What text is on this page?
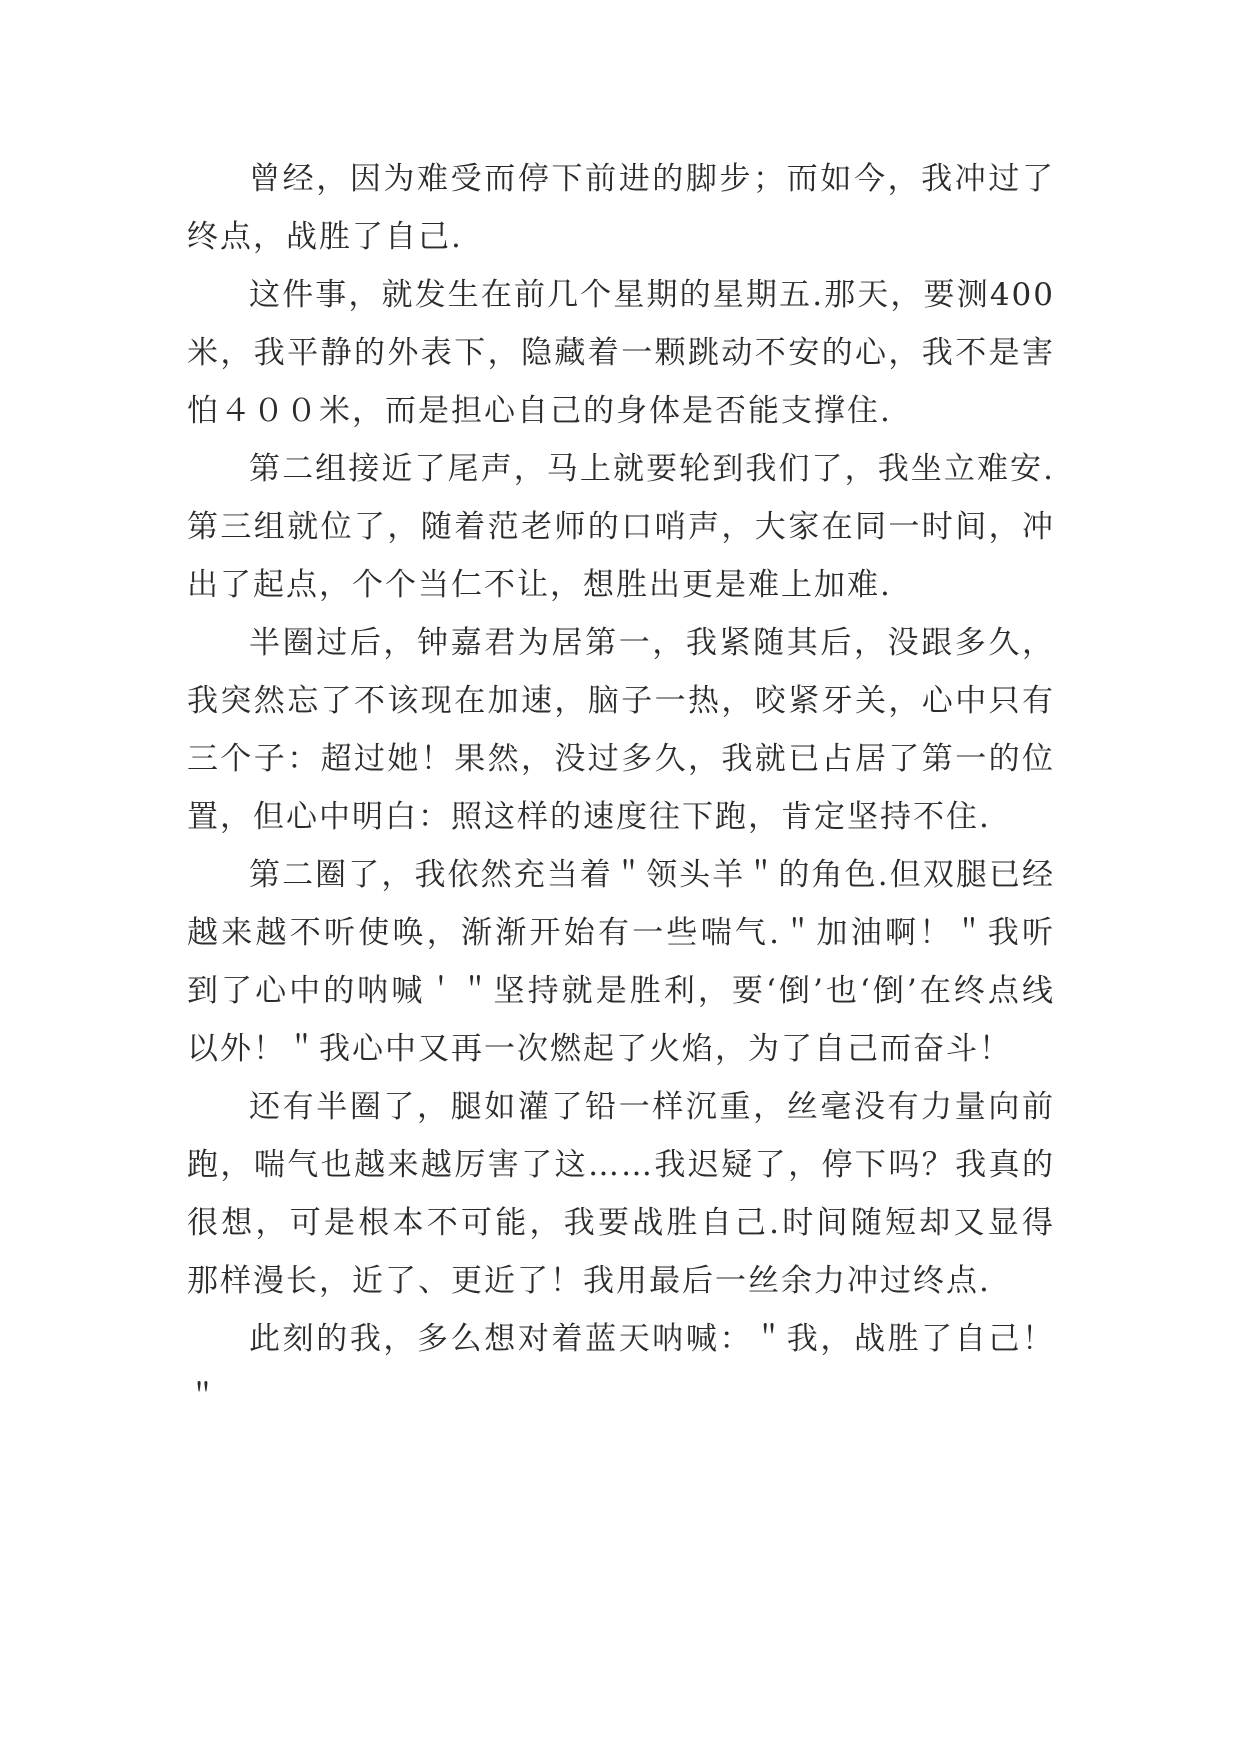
曾经，因为难受而停下前进的脚步；而如今，我冲过了终点，战胜了自己.

这件事，就发生在前几个星期的星期五.那天，要测400米，我平静的外表下，隐藏着一颗跳动不安的心，我不是害怕４００米，而是担心自己的身体是否能支撑住.

第二组接近了尾声，马上就要轮到我们了，我坐立难安.第三组就位了，随着范老师的口哨声，大家在同一时间，冲出了起点，个个当仁不让，想胜出更是难上加难.

半圈过后，钟嘉君为居第一，我紧随其后，没跟多久，我突然忘了不该现在加速，脑子一热，咬紧牙关，心中只有三个子：超过她！果然，没过多久，我就已占居了第一的位置，但心中明白：照这样的速度往下跑，肯定坚持不住.

第二圈了，我依然充当着＂领头羊＂的角色.但双腿已经越来越不听使唤，渐渐开始有一些喘气.＂加油啊！＂我听到了心中的呐喊＇＂坚持就是胜利，要‘倒’也‘倒’在终点线以外！＂我心中又再一次燃起了火焰，为了自己而奋斗！

还有半圈了，腿如灌了铅一样沉重，丝毫没有力量向前跑，喘气也越来越厉害了这……我迟疑了，停下吗？我真的很想，可是根本不可能，我要战胜自己.时间随短却又显得那样漫长，近了、更近了！我用最后一丝余力冲过终点.

此刻的我，多么想对着蓝天呐喊：＂我，战胜了自己！＂
